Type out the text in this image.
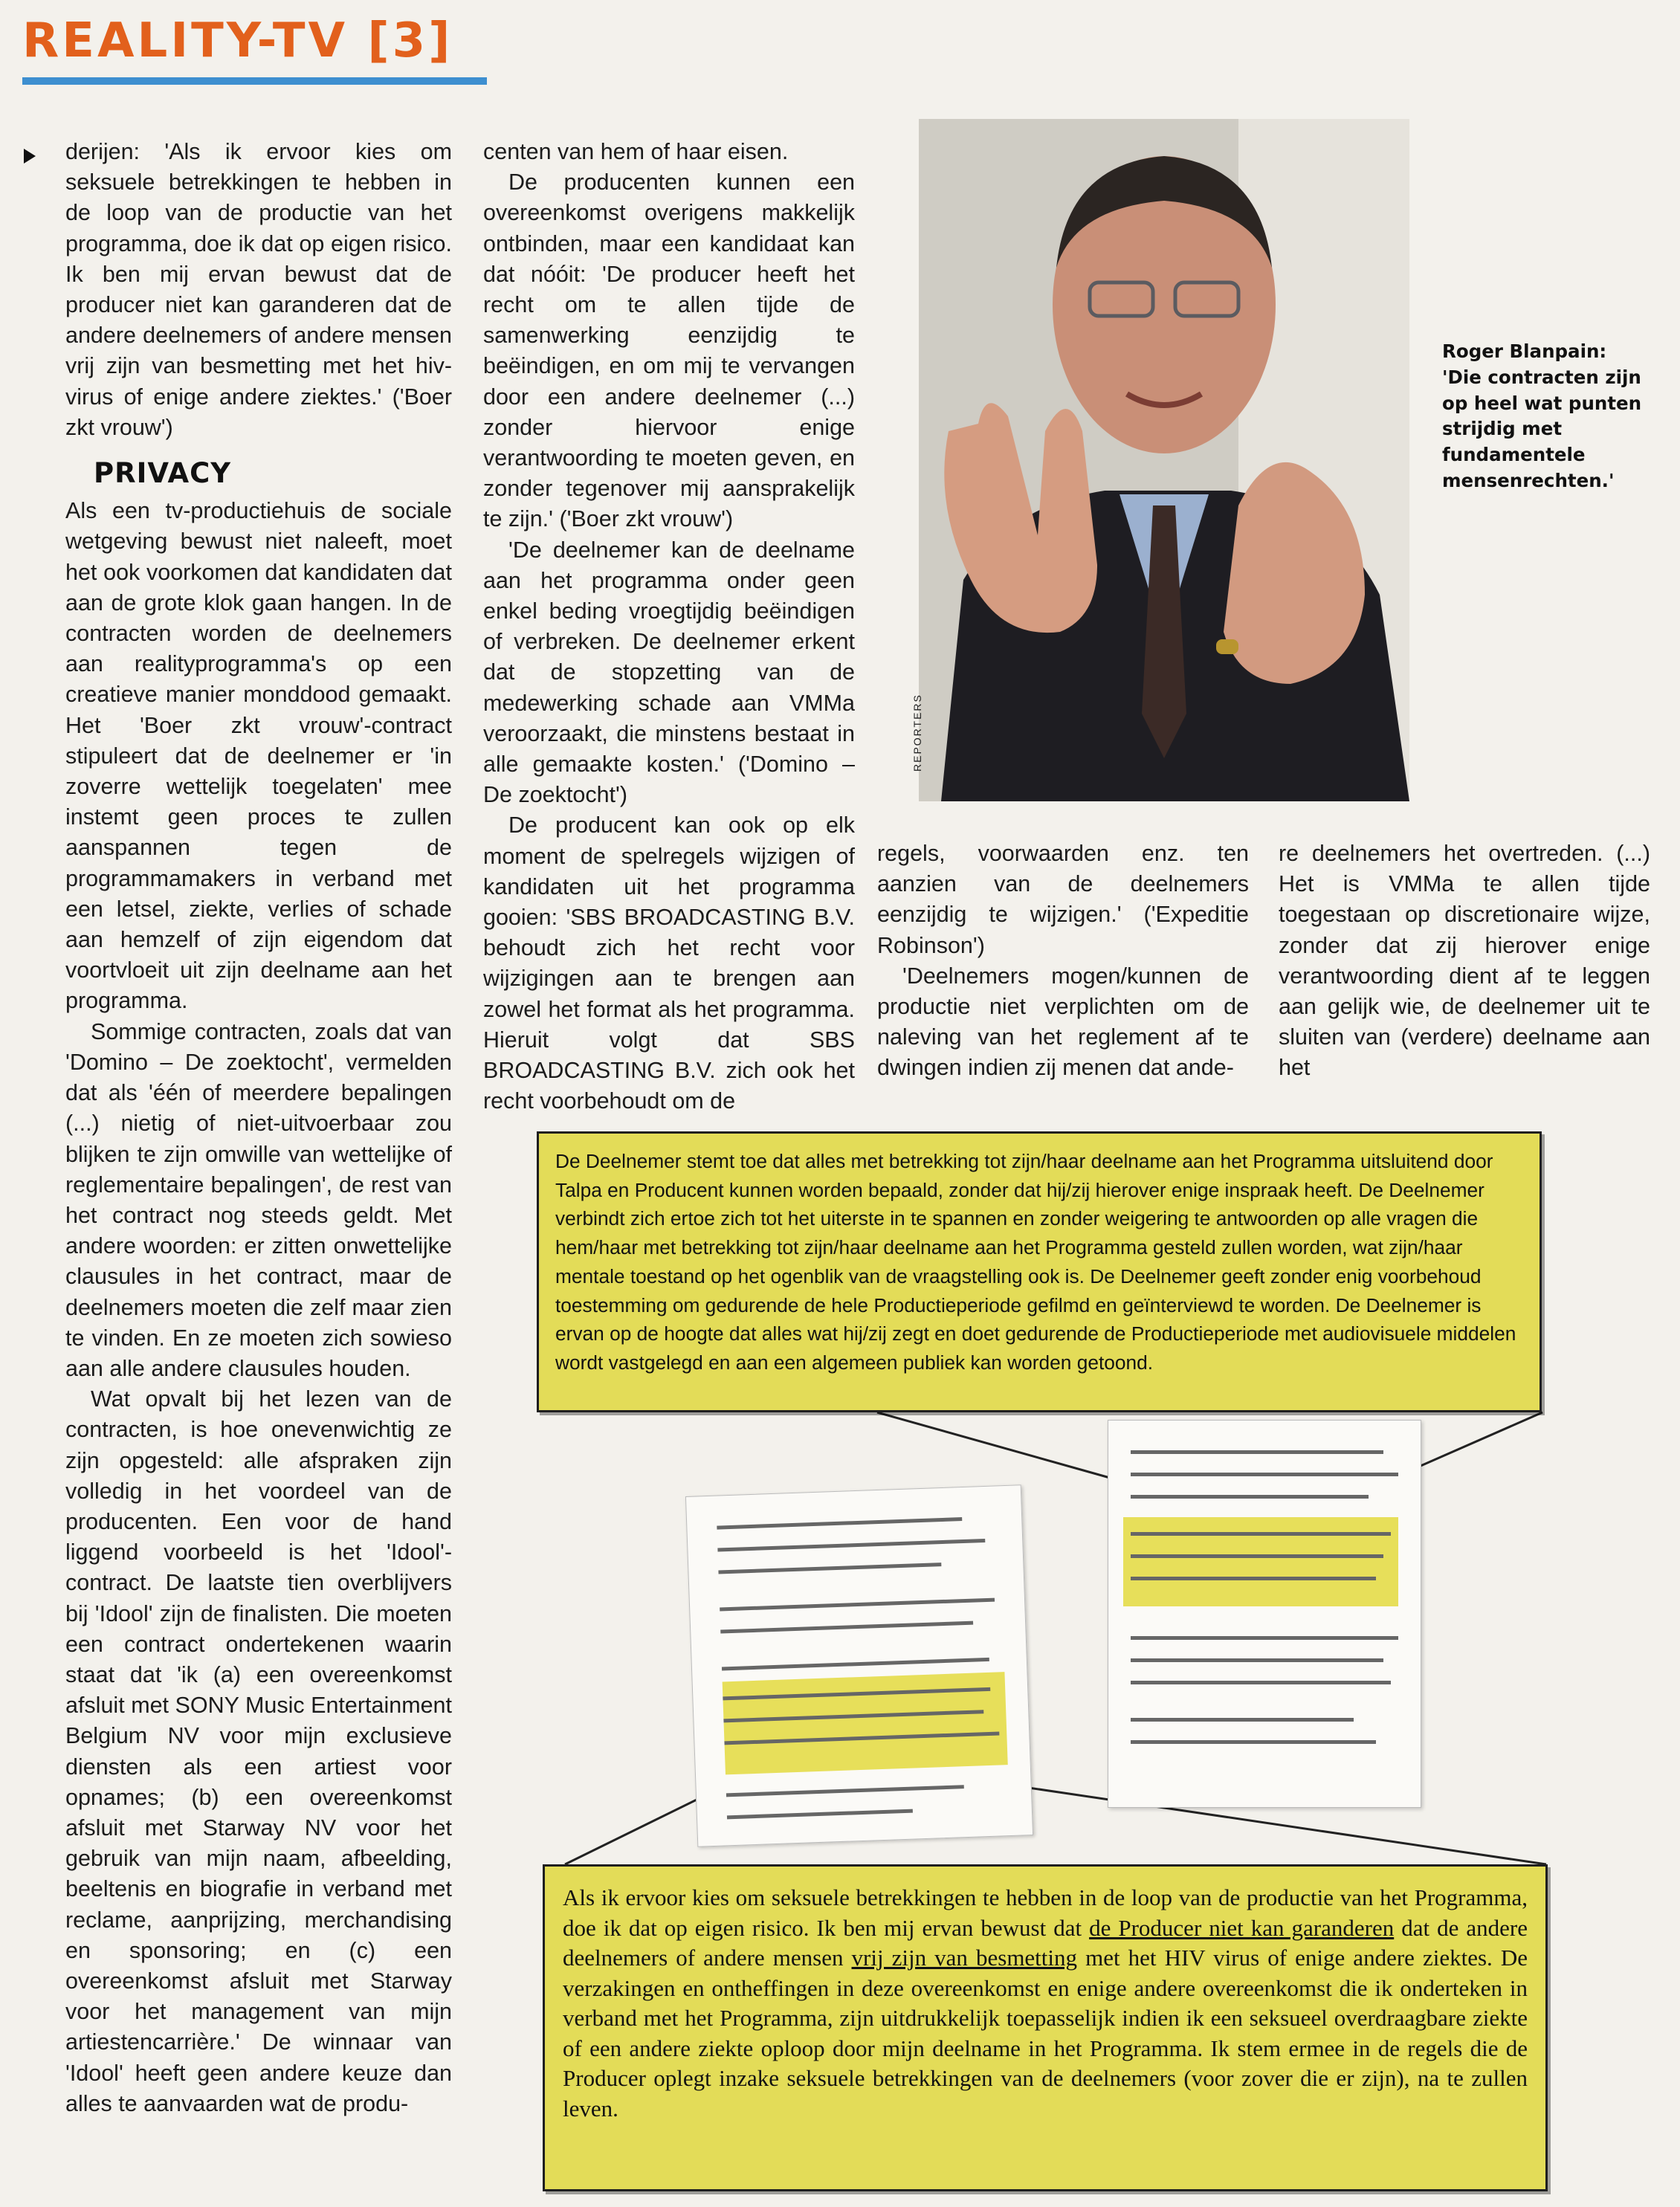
REALITY-TV [3]

derijen: 'Als ik ervoor kies om seksuele betrekkingen te hebben in de loop van de productie van het programma, doe ik dat op eigen risico. Ik ben mij ervan bewust dat de producer niet kan garanderen dat de andere deelnemers of andere mensen vrij zijn van besmetting met het hiv-virus of enige andere ziektes.' ('Boer zkt vrouw')

PRIVACY

Als een tv-productiehuis de sociale wetgeving bewust niet naleeft, moet het ook voorkomen dat kandidaten dat aan de grote klok gaan hangen. In de contracten worden de deelnemers aan realityprogramma's op een creatieve manier monddood gemaakt. Het 'Boer zkt vrouw'-contract stipuleert dat de deelnemer er 'in zoverre wettelijk toegelaten' mee instemt geen proces te zullen aanspannen tegen de programmamakers in verband met een letsel, ziekte, verlies of schade aan hemzelf of zijn eigendom dat voortvloeit uit zijn deelname aan het programma.

Sommige contracten, zoals dat van 'Domino – De zoektocht', vermelden dat als 'één of meerdere bepalingen (...) nietig of niet-uitvoerbaar zou blijken te zijn omwille van wettelijke of reglementaire bepalingen', de rest van het contract nog steeds geldt. Met andere woorden: er zitten onwettelijke clausules in het contract, maar de deelnemers moeten die zelf maar zien te vinden. En ze moeten zich sowieso aan alle andere clausules houden.

Wat opvalt bij het lezen van de contracten, is hoe onevenwichtig ze zijn opgesteld: alle afspraken zijn volledig in het voordeel van de producenten. Een voor de hand liggend voorbeeld is het 'Idool'-contract. De laatste tien overblijvers bij 'Idool' zijn de finalisten. Die moeten een contract ondertekenen waarin staat dat 'ik (a) een overeenkomst afsluit met SONY Music Entertainment Belgium NV voor mijn exclusieve diensten als een artiest voor opnames; (b) een overeenkomst afsluit met Starway NV voor het gebruik van mijn naam, afbeelding, beeltenis en biografie in verband met reclame, aanprijzing, merchandising en sponsoring; en (c) een overeenkomst afsluit met Starway voor het management van mijn artiestencarrière.' De winnaar van 'Idool' heeft geen andere keuze dan alles te aanvaarden wat de produ-

centen van hem of haar eisen.

De producenten kunnen een overeenkomst overigens makkelijk ontbinden, maar een kandidaat kan dat nóóit: 'De producer heeft het recht om te allen tijde de samenwerking eenzijdig te beëindigen, en om mij te vervangen door een andere deelnemer (...) zonder hiervoor enige verantwoording te moeten geven, en zonder tegenover mij aansprakelijk te zijn.' ('Boer zkt vrouw')

'De deelnemer kan de deelname aan het programma onder geen enkel beding vroegtijdig beëindigen of verbreken. De deelnemer erkent dat de stopzetting van de medewerking schade aan VMMa veroorzaakt, die minstens bestaat in alle gemaakte kosten.' ('Domino – De zoektocht')

De producent kan ook op elk moment de spelregels wijzigen of kandidaten uit het programma gooien: 'SBS BROADCASTING B.V. behoudt zich het recht voor wijzigingen aan te brengen aan zowel het format als het programma. Hieruit volgt dat SBS BROADCASTING B.V. zich ook het recht voorbehoudt om de

REPORTERS
Roger Blanpain: 'Die contracten zijn op heel wat punten strijdig met fundamentele mensenrechten.'

regels, voorwaarden enz. ten aanzien van de deelnemers eenzijdig te wijzigen.' ('Expeditie Robinson')

'Deelnemers mogen/kunnen de productie niet verplichten om de naleving van het reglement af te dwingen indien zij menen dat ande-

re deelnemers het overtreden. (...) Het is VMMa te allen tijde toegestaan op discretionaire wijze, zonder dat zij hierover enige verantwoording dient af te leggen aan gelijk wie, de deelnemer uit te sluiten van (verdere) deelname aan het

De Deelnemer stemt toe dat alles met betrekking tot zijn/haar deelname aan het Programma uitsluitend door Talpa en Producent kunnen worden bepaald, zonder dat hij/zij hierover enige inspraak heeft. De Deelnemer verbindt zich ertoe zich tot het uiterste in te spannen en zonder weigering te antwoorden op alle vragen die hem/haar met betrekking tot zijn/haar deelname aan het Programma gesteld zullen worden, wat zijn/haar mentale toestand op het ogenblik van de vraagstelling ook is. De Deelnemer geeft zonder enig voorbehoud toestemming om gedurende de hele Productieperiode gefilmd en geïnterviewd te worden. De Deelnemer is ervan op de hoogte dat alles wat hij/zij zegt en doet gedurende de Productieperiode met audiovisuele middelen wordt vastgelegd en aan een algemeen publiek kan worden getoond.
Als ik ervoor kies om seksuele betrekkingen te hebben in de loop van de productie van het Programma, doe ik dat op eigen risico. Ik ben mij ervan bewust dat de Producer niet kan garanderen dat de andere deelnemers of andere mensen vrij zijn van besmetting met het HIV virus of enige andere ziektes. De verzakingen en ontheffingen in deze overeenkomst en enige andere overeenkomst die ik onderteken in verband met het Programma, zijn uitdrukkelijk toepasselijk indien ik een seksueel overdraagbare ziekte of een andere ziekte oploop door mijn deelname in het Programma. Ik stem ermee in de regels die de Producer oplegt inzake seksuele betrekkingen van de deelnemers (voor zover die er zijn), na te zullen leven.
